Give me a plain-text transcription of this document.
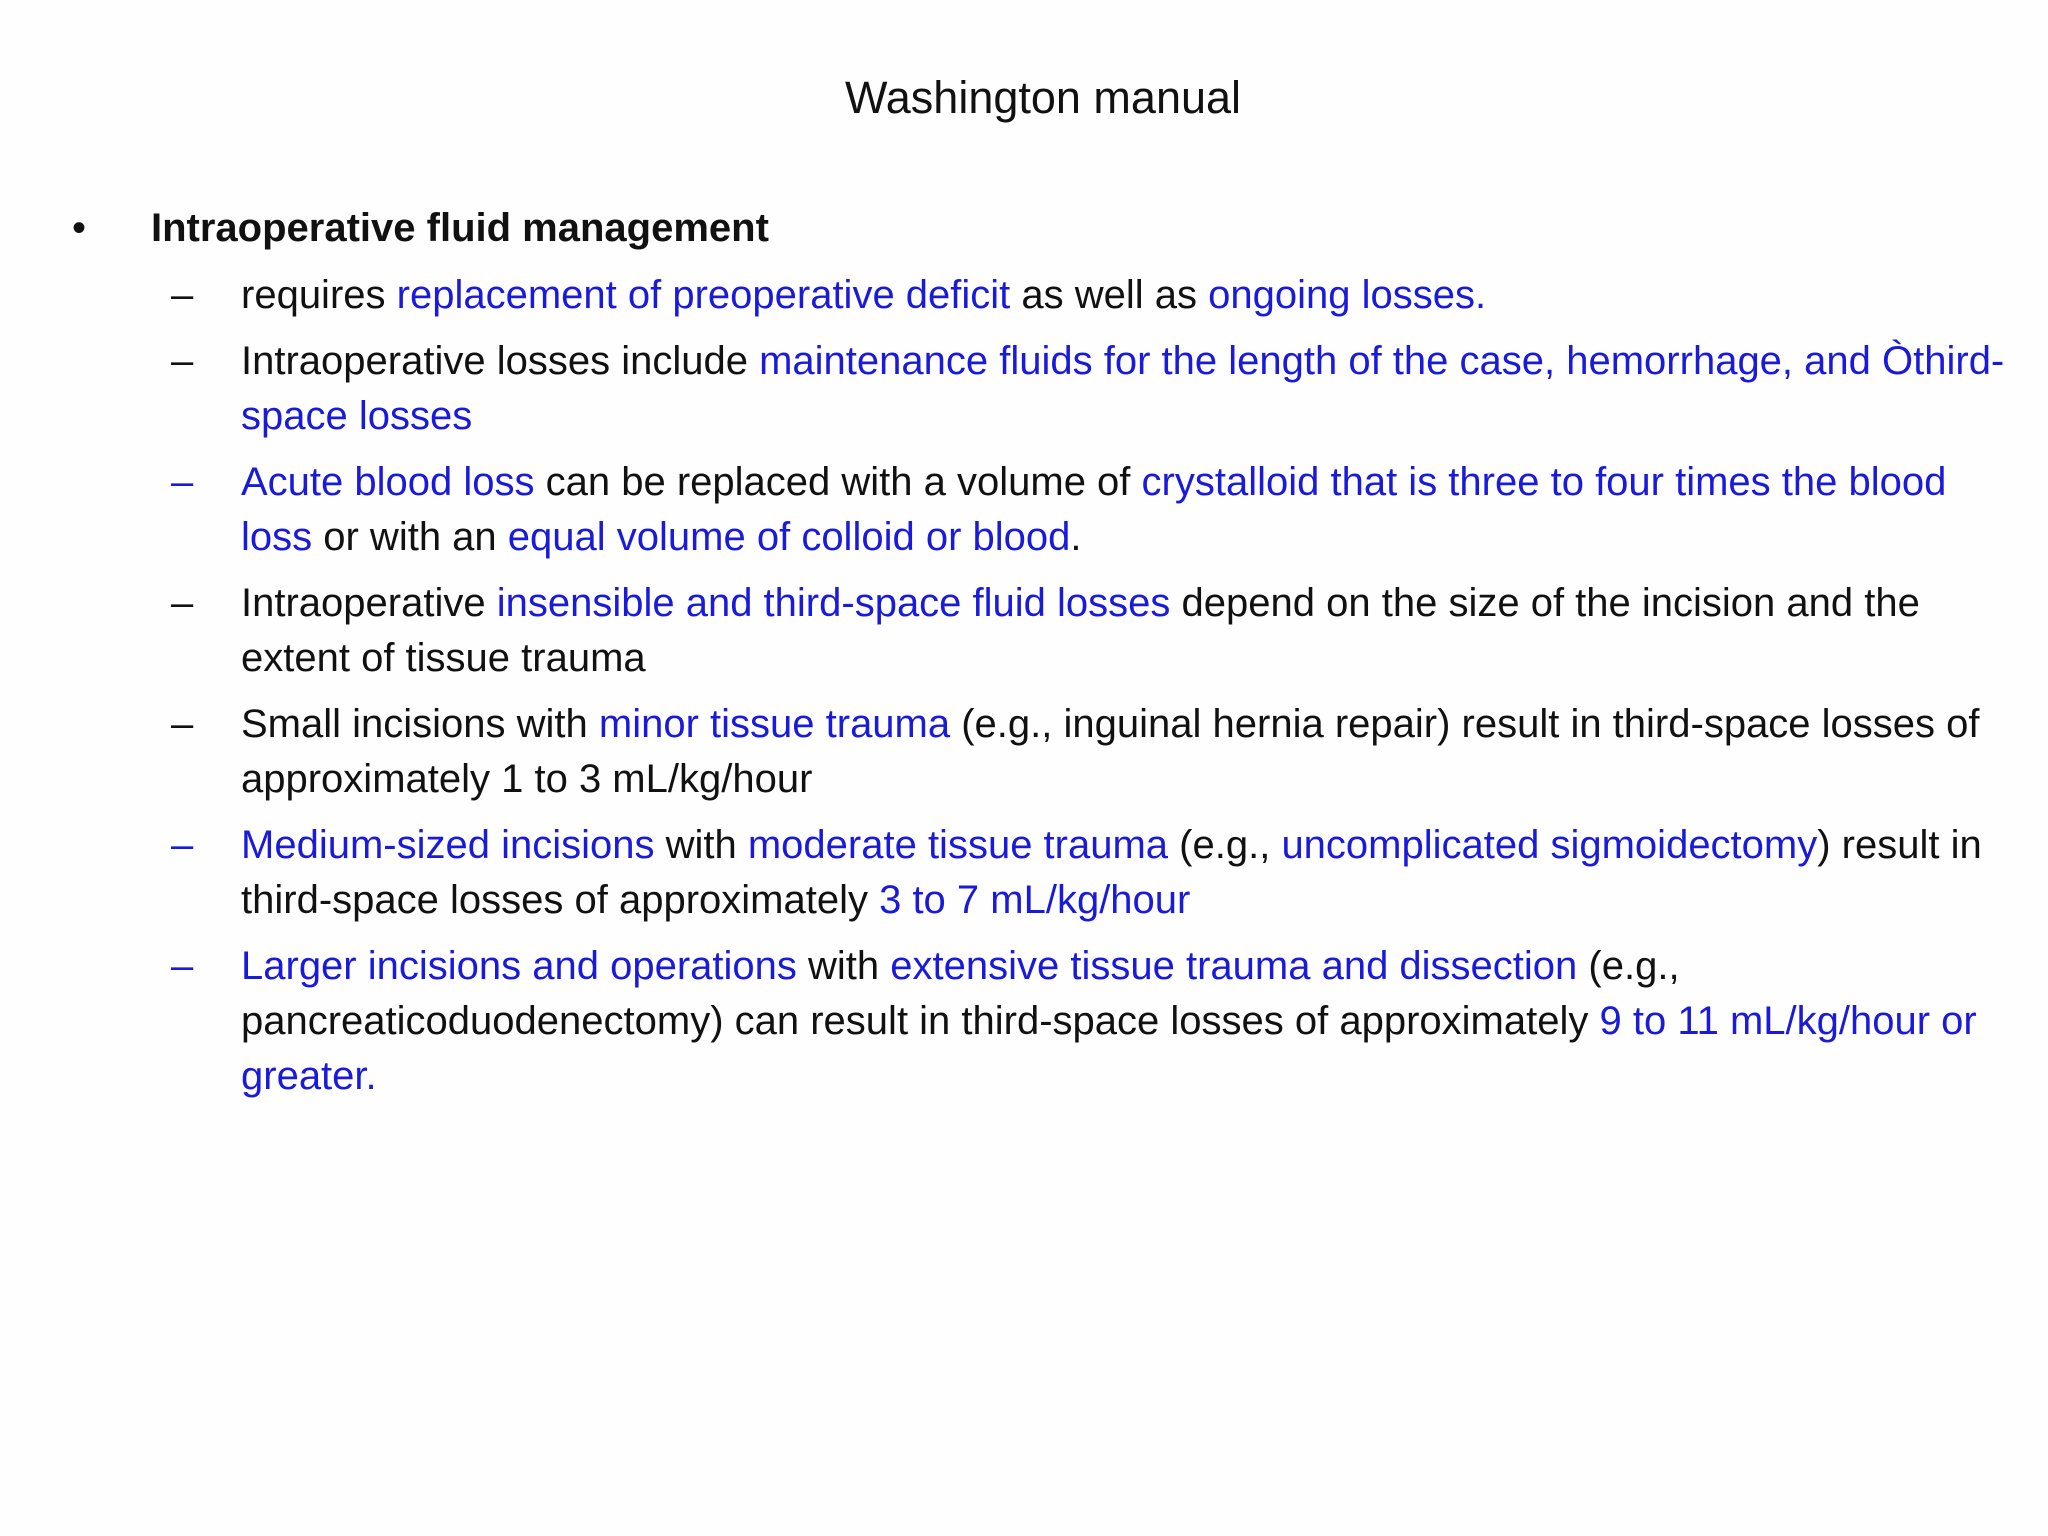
Washington manual
• Intraoperative fluid management
– requires replacement of preoperative deficit as well as ongoing losses.
– Intraoperative losses include maintenance fluids for the length of the case, hemorrhage, and Òthird-space losses
– Acute blood loss can be replaced with a volume of crystalloid that is three to four times the blood loss or with an equal volume of colloid or blood.
– Intraoperative insensible and third-space fluid losses depend on the size of the incision and the extent of tissue trauma
– Small incisions with minor tissue trauma (e.g., inguinal hernia repair) result in third-space losses of approximately 1 to 3 mL/kg/hour
– Medium-sized incisions with moderate tissue trauma (e.g., uncomplicated sigmoidectomy) result in third-space losses of approximately 3 to 7 mL/kg/hour
– Larger incisions and operations with extensive tissue trauma and dissection (e.g., pancreaticoduodenectomy) can result in third-space losses of approximately 9 to 11 mL/kg/hour or greater.
